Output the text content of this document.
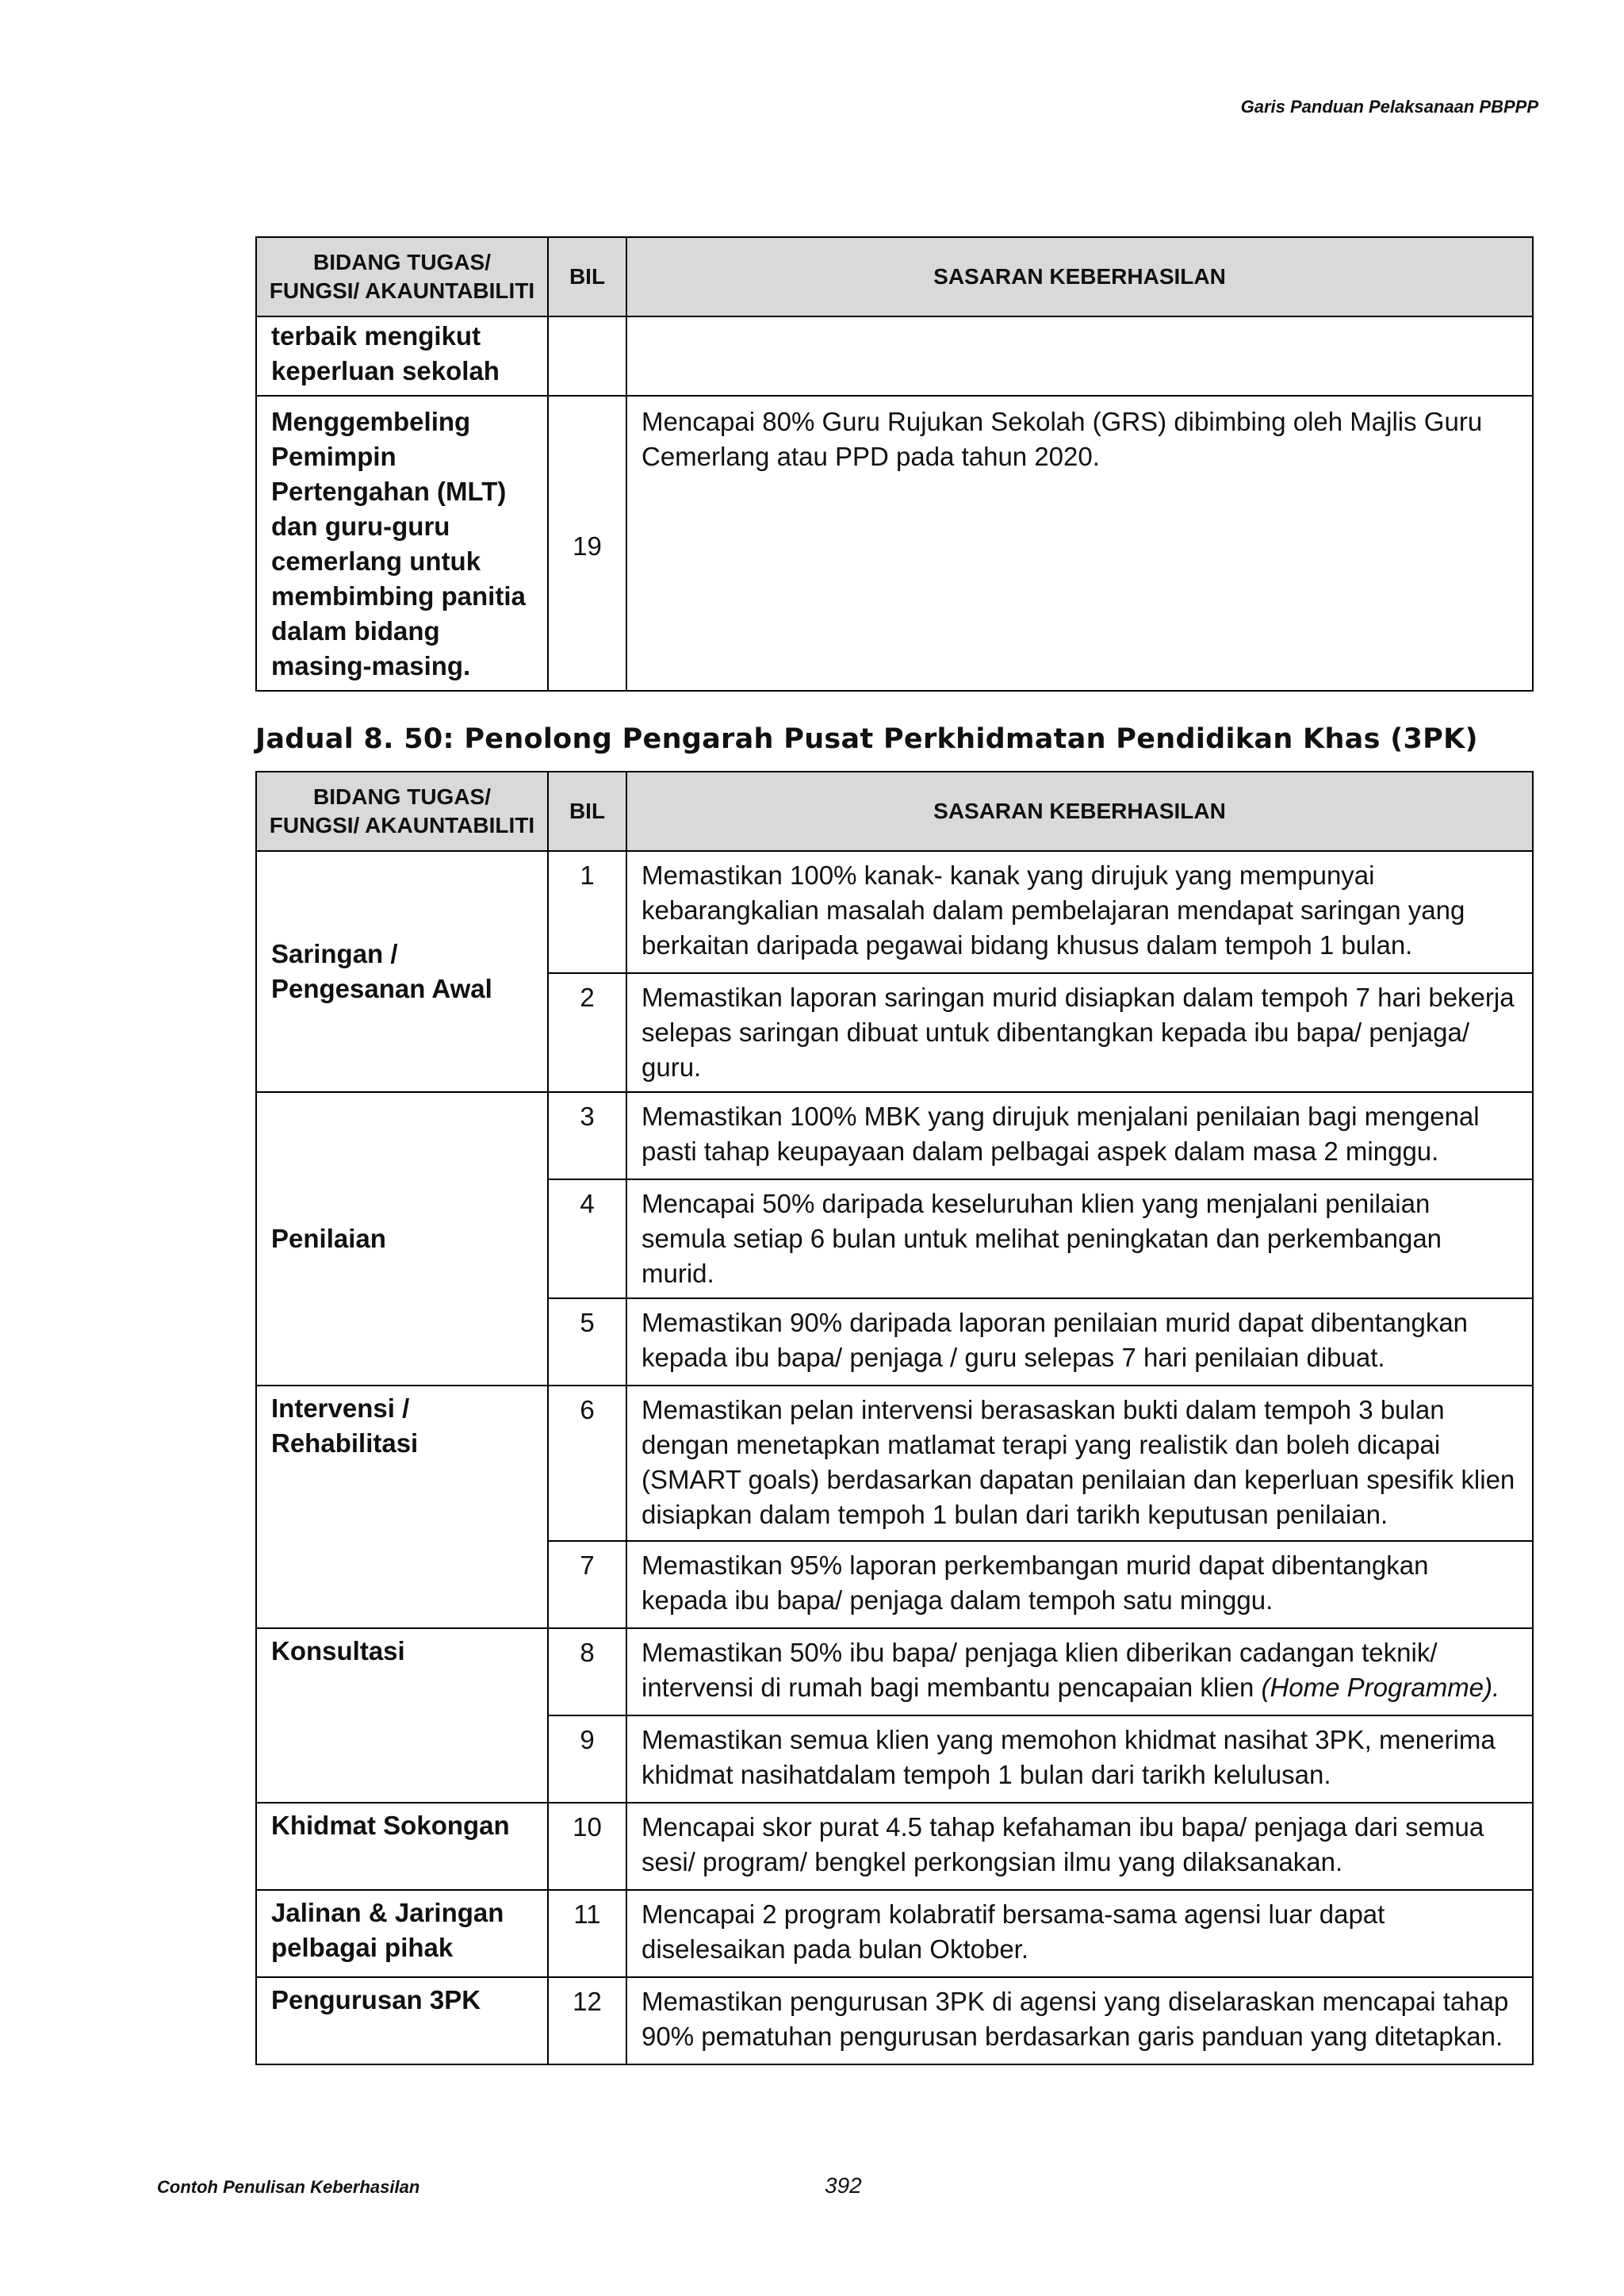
Garis Panduan Pelaksanaan PBPPP
BIDANG TUGAS/
FUNGSI/ AKAUNTABILITI	BIL	SASARAN KEBERHASILAN
terbaik mengikut keperluan sekolah		
Menggembeling Pemimpin Pertengahan (MLT) dan guru-guru cemerlang untuk membimbing panitia dalam bidang masing-masing.	19	Mencapai 80% Guru Rujukan Sekolah (GRS) dibimbing oleh Majlis Guru Cemerlang atau PPD pada tahun 2020.
Jadual 8. 50: Penolong Pengarah Pusat Perkhidmatan Pendidikan Khas (3PK)
BIDANG TUGAS/
FUNGSI/ AKAUNTABILITI	BIL	SASARAN KEBERHASILAN
Saringan / Pengesanan Awal	1	Memastikan 100% kanak- kanak yang dirujuk yang mempunyai kebarangkalian masalah dalam pembelajaran mendapat saringan yang berkaitan daripada pegawai bidang khusus dalam tempoh 1 bulan.
	2	Memastikan laporan saringan murid disiapkan dalam tempoh 7 hari bekerja selepas saringan dibuat untuk dibentangkan kepada ibu bapa/ penjaga/ guru.
Penilaian	3	Memastikan 100% MBK yang dirujuk menjalani penilaian bagi mengenal pasti tahap keupayaan dalam pelbagai aspek dalam masa 2 minggu.
	4	Mencapai 50% daripada keseluruhan klien yang menjalani penilaian semula setiap 6 bulan untuk melihat peningkatan dan perkembangan murid.
	5	Memastikan 90% daripada laporan penilaian murid dapat dibentangkan kepada ibu bapa/ penjaga / guru selepas 7 hari penilaian dibuat.
Intervensi / Rehabilitasi	6	Memastikan pelan intervensi berasaskan bukti dalam tempoh 3 bulan dengan menetapkan matlamat terapi yang realistik dan boleh dicapai (SMART goals) berdasarkan dapatan penilaian dan keperluan spesifik klien disiapkan dalam tempoh 1 bulan dari tarikh keputusan penilaian.
	7	Memastikan 95% laporan perkembangan murid dapat dibentangkan kepada ibu bapa/ penjaga dalam tempoh satu minggu.
Konsultasi	8	Memastikan 50% ibu bapa/ penjaga klien diberikan cadangan teknik/ intervensi di rumah bagi membantu pencapaian klien (Home Programme).
	9	Memastikan semua klien yang memohon khidmat nasihat 3PK, menerima khidmat nasihatdalam tempoh 1 bulan dari tarikh kelulusan.
Khidmat Sokongan	10	Mencapai skor purat 4.5 tahap kefahaman ibu bapa/ penjaga dari semua sesi/ program/ bengkel perkongsian ilmu yang dilaksanakan.
Jalinan & Jaringan pelbagai pihak	11	Mencapai 2 program kolabratif bersama-sama agensi luar dapat diselesaikan pada bulan Oktober.
Pengurusan 3PK	12	Memastikan pengurusan 3PK di agensi yang diselaraskan mencapai tahap 90% pematuhan pengurusan berdasarkan garis panduan yang ditetapkan.
Contoh Penulisan Keberhasilan	392
